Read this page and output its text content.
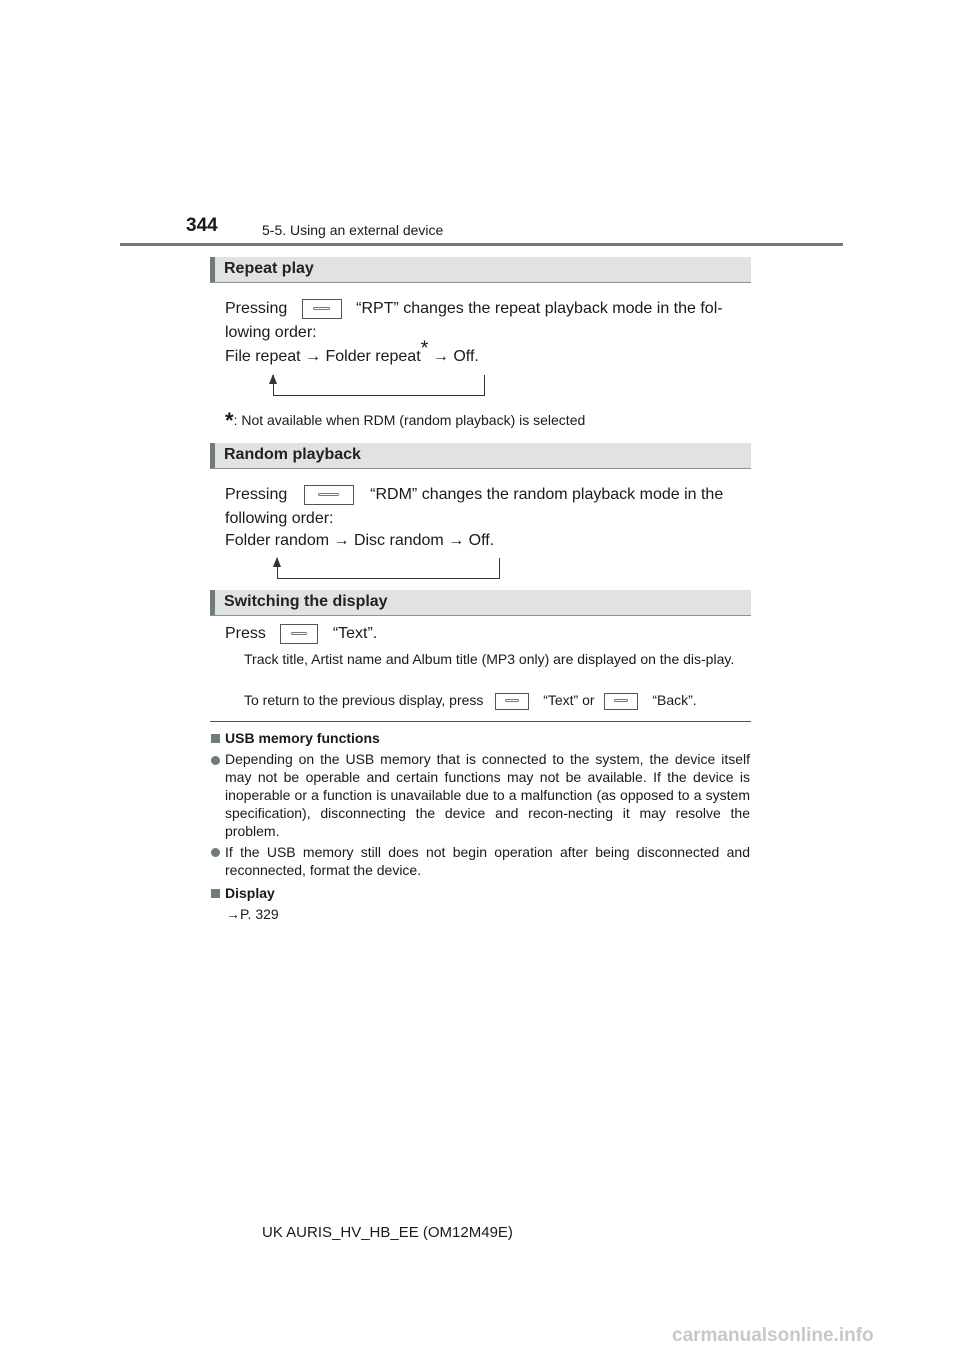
344	5-5. Using an external device
Repeat play
Pressing	“RPT” changes the repeat playback mode in the fol-
lowing order:
File repeat → Folder repeat* → Off.
*: Not available when RDM (random playback) is selected
Random playback
Pressing	“RDM” changes the random playback mode in the
following order:
Folder random → Disc random → Off.
Switching the display
Press	“Text”.
Track title, Artist name and Album title (MP3 only) are displayed on the dis-play.
To return to the previous display, press	“Text” or	“Back”.
USB memory functions
Depending on the USB memory that is connected to the system, the device itself may not be operable and certain functions may not be available. If the device is inoperable or a function is unavailable due to a malfunction (as opposed to a system specification), disconnecting the device and recon-necting it may resolve the problem.
If the USB memory still does not begin operation after being disconnected and reconnected, format the device.
Display
→P. 329
UK AURIS_HV_HB_EE (OM12M49E)
carmanualsonline.info
